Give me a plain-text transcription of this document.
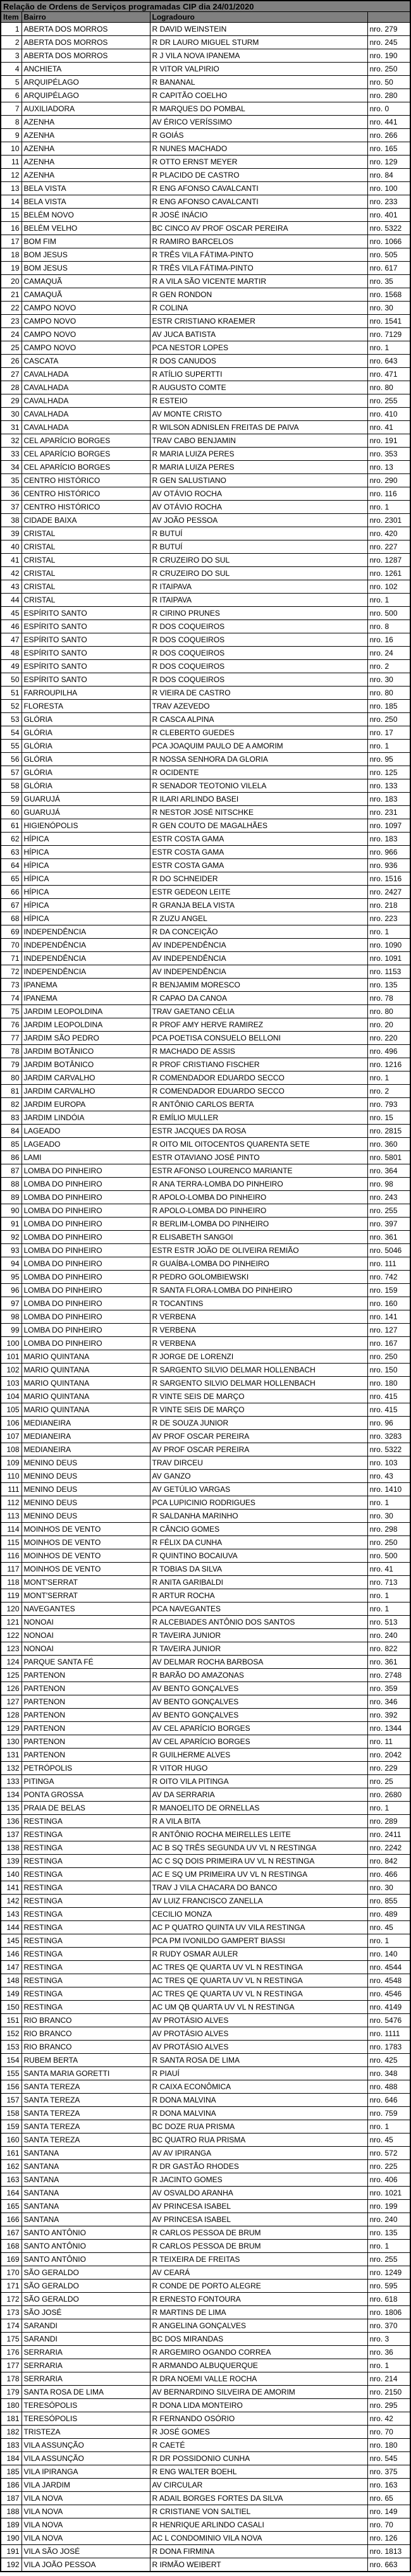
Relação de Ordens de Serviços programadas CIP dia 24/01/2020			
Item	Bairro	Logradouro	
1	ABERTA DOS MORROS	R DAVID WEINSTEIN	nro. 279
2	ABERTA DOS MORROS	R DR LAURO MIGUEL STURM	nro. 245
3	ABERTA DOS MORROS	R J VILA NOVA IPANEMA	nro. 190
4	ANCHIETA	R VITOR VALPIRIO	nro. 250
5	ARQUIPÉLAGO	R BANANAL	nro. 50
6	ARQUIPÉLAGO	R CAPITÃO COELHO	nro. 280
7	AUXILIADORA	R MARQUES DO POMBAL	nro. 0
8	AZENHA	AV ÉRICO VERÍSSIMO	nro. 441
9	AZENHA	R GOIÁS	nro. 266
10	AZENHA	R NUNES MACHADO	nro. 165
11	AZENHA	R OTTO ERNST MEYER	nro. 129
12	AZENHA	R PLACIDO DE CASTRO	nro. 84
13	BELA VISTA	R ENG AFONSO CAVALCANTI	nro. 100
14	BELA VISTA	R ENG AFONSO CAVALCANTI	nro. 233
15	BELÉM NOVO	R JOSÉ INÁCIO	nro. 401
16	BELÉM VELHO	BC CINCO AV PROF OSCAR PEREIRA	nro. 5322
17	BOM FIM	R RAMIRO BARCELOS	nro. 1066
18	BOM JESUS	R TRÊS VILA FÁTIMA-PINTO	nro. 505
19	BOM JESUS	R TRÊS VILA FÁTIMA-PINTO	nro. 617
20	CAMAQUÃ	R A VILA SÃO VICENTE MARTIR	nro. 35
21	CAMAQUÃ	R GEN RONDON	nro. 1568
22	CAMPO NOVO	R COLINA	nro. 30
23	CAMPO NOVO	ESTR CRISTIANO KRAEMER	nro. 1541
24	CAMPO NOVO	AV JUCA BATISTA	nro. 7129
25	CAMPO NOVO	PCA NESTOR LOPES	nro. 1
26	CASCATA	R DOS CANUDOS	nro. 643
27	CAVALHADA	R ATÍLIO SUPERTTI	nro. 471
28	CAVALHADA	R AUGUSTO COMTE	nro. 80
29	CAVALHADA	R ESTEIO	nro. 255
30	CAVALHADA	AV MONTE CRISTO	nro. 410
31	CAVALHADA	R WILSON ADNISLEN FREITAS DE PAIVA	nro. 41
32	CEL APARÍCIO BORGES	TRAV CABO BENJAMIN	nro. 191
33	CEL APARÍCIO BORGES	R MARIA LUIZA PERES	nro. 353
34	CEL APARÍCIO BORGES	R MARIA LUIZA PERES	nro. 13
35	CENTRO HISTÓRICO	R GEN SALUSTIANO	nro. 290
36	CENTRO HISTÓRICO	AV OTÁVIO ROCHA	nro. 116
37	CENTRO HISTÓRICO	AV OTÁVIO ROCHA	nro. 1
38	CIDADE BAIXA	AV JOÃO PESSOA	nro. 2301
39	CRISTAL	R BUTUÍ	nro. 420
40	CRISTAL	R BUTUÍ	nro. 227
41	CRISTAL	R CRUZEIRO DO SUL	nro. 1287
42	CRISTAL	R CRUZEIRO DO SUL	nro. 1261
43	CRISTAL	R ITAIPAVA	nro. 102
44	CRISTAL	R ITAIPAVA	nro. 1
45	ESPÍRITO SANTO	R CIRINO PRUNES	nro. 500
46	ESPÍRITO SANTO	R DOS COQUEIROS	nro. 8
47	ESPÍRITO SANTO	R DOS COQUEIROS	nro. 16
48	ESPÍRITO SANTO	R DOS COQUEIROS	nro. 24
49	ESPÍRITO SANTO	R DOS COQUEIROS	nro. 2
50	ESPÍRITO SANTO	R DOS COQUEIROS	nro. 30
51	FARROUPILHA	R VIEIRA DE CASTRO	nro. 80
52	FLORESTA	TRAV AZEVEDO	nro. 185
53	GLÓRIA	R CASCA ALPINA	nro. 250
54	GLÓRIA	R CLEBERTO GUEDES	nro. 17
55	GLÓRIA	PCA JOAQUIM PAULO DE A AMORIM	nro. 1
56	GLÓRIA	R NOSSA SENHORA DA GLORIA	nro. 95
57	GLÓRIA	R OCIDENTE	nro. 125
58	GLÓRIA	R SENADOR TEOTONIO VILELA	nro. 133
59	GUARUJÁ	R ILARI ARLINDO BASEI	nro. 183
60	GUARUJÁ	R NESTOR JOSÉ NITSCHKE	nro. 231
61	HIGIENÓPOLIS	R GEN COUTO DE MAGALHÃES	nro. 1097
62	HÍPICA	ESTR COSTA GAMA	nro. 183
63	HÍPICA	ESTR COSTA GAMA	nro. 966
64	HÍPICA	ESTR COSTA GAMA	nro. 936
65	HÍPICA	R DO SCHNEIDER	nro. 1516
66	HÍPICA	ESTR GEDEON LEITE	nro. 2427
67	HÍPICA	R GRANJA BELA VISTA	nro. 218
68	HÍPICA	R ZUZU ANGEL	nro. 223
69	INDEPENDÊNCIA	R DA CONCEIÇÃO	nro. 1
70	INDEPENDÊNCIA	AV INDEPENDÊNCIA	nro. 1090
71	INDEPENDÊNCIA	AV INDEPENDÊNCIA	nro. 1091
72	INDEPENDÊNCIA	AV INDEPENDÊNCIA	nro. 1153
73	IPANEMA	R BENJAMIM MORESCO	nro. 135
74	IPANEMA	R CAPAO DA CANOA	nro. 78
75	JARDIM LEOPOLDINA	TRAV GAETANO CÉLIA	nro. 80
76	JARDIM LEOPOLDINA	R PROF AMY HERVE RAMIREZ	nro. 20
77	JARDIM SÃO PEDRO	PCA POETISA CONSUELO BELLONI	nro. 220
78	JARDIM BOTÂNICO	R MACHADO DE ASSIS	nro. 496
79	JARDIM BOTÂNICO	R PROF CRISTIANO FISCHER	nro. 1216
80	JARDIM CARVALHO	R COMENDADOR EDUARDO SECCO	nro. 1
81	JARDIM CARVALHO	R COMENDADOR EDUARDO SECCO	nro. 2
82	JARDIM EUROPA	R ANTÔNIO CARLOS BERTA	nro. 793
83	JARDIM LINDÓIA	R EMÍLIO MULLER	nro. 15
84	LAGEADO	ESTR JACQUES DA ROSA	nro. 2815
85	LAGEADO	R OITO MIL OITOCENTOS QUARENTA SETE	nro. 360
86	LAMI	ESTR OTAVIANO JOSÉ PINTO	nro. 5801
87	LOMBA DO PINHEIRO	ESTR AFONSO LOURENCO MARIANTE	nro. 364
88	LOMBA DO PINHEIRO	R ANA TERRA-LOMBA DO PINHEIRO	nro. 98
89	LOMBA DO PINHEIRO	R APOLO-LOMBA DO PINHEIRO	nro. 243
90	LOMBA DO PINHEIRO	R APOLO-LOMBA DO PINHEIRO	nro. 255
91	LOMBA DO PINHEIRO	R BERLIM-LOMBA DO PINHEIRO	nro. 397
92	LOMBA DO PINHEIRO	R ELISABETH SANGOI	nro. 361
93	LOMBA DO PINHEIRO	ESTR ESTR JOÃO DE OLIVEIRA REMIÃO	nro. 5046
94	LOMBA DO PINHEIRO	R GUAÍBA-LOMBA DO PINHEIRO	nro. 111
95	LOMBA DO PINHEIRO	R PEDRO GOLOMBIEWSKI	nro. 742
96	LOMBA DO PINHEIRO	R SANTA FLORA-LOMBA DO PINHEIRO	nro. 159
97	LOMBA DO PINHEIRO	R TOCANTINS	nro. 160
98	LOMBA DO PINHEIRO	R VERBENA	nro. 141
99	LOMBA DO PINHEIRO	R VERBENA	nro. 127
100	LOMBA DO PINHEIRO	R VERBENA	nro. 167
101	MARIO QUINTANA	R JORGE DE LORENZI	nro. 250
102	MARIO QUINTANA	R SARGENTO SILVIO DELMAR HOLLENBACH	nro. 150
103	MARIO QUINTANA	R SARGENTO SILVIO DELMAR HOLLENBACH	nro. 180
104	MARIO QUINTANA	R VINTE SEIS DE MARÇO	nro. 415
105	MARIO QUINTANA	R VINTE SEIS DE MARÇO	nro. 415
106	MEDIANEIRA	R DE SOUZA JUNIOR	nro. 96
107	MEDIANEIRA	AV PROF OSCAR PEREIRA	nro. 3283
108	MEDIANEIRA	AV PROF OSCAR PEREIRA	nro. 5322
109	MENINO DEUS	TRAV DIRCEU	nro. 103
110	MENINO DEUS	AV GANZO	nro. 43
111	MENINO DEUS	AV GETÚLIO VARGAS	nro. 1410
112	MENINO DEUS	PCA LUPICINIO RODRIGUES	nro. 1
113	MENINO DEUS	R SALDANHA MARINHO	nro. 30
114	MOINHOS DE VENTO	R CÂNCIO GOMES	nro. 298
115	MOINHOS DE VENTO	R FÉLIX DA CUNHA	nro. 250
116	MOINHOS DE VENTO	R QUINTINO BOCAIUVA	nro. 500
117	MOINHOS DE VENTO	R TOBIAS DA SILVA	nro. 41
118	MONT'SERRAT	R ANITA GARIBALDI	nro. 713
119	MONT'SERRAT	R ARTUR ROCHA	nro. 1
120	NAVEGANTES	PCA NAVEGANTES	nro. 1
121	NONOAI	R ALCEBIADES ANTÔNIO DOS SANTOS	nro. 513
122	NONOAI	R TAVEIRA JUNIOR	nro. 240
123	NONOAI	R TAVEIRA JUNIOR	nro. 822
124	PARQUE SANTA FÉ	AV DELMAR ROCHA BARBOSA	nro. 361
125	PARTENON	R BARÃO DO AMAZONAS	nro. 2748
126	PARTENON	AV BENTO GONÇALVES	nro. 359
127	PARTENON	AV BENTO GONÇALVES	nro. 346
128	PARTENON	AV BENTO GONÇALVES	nro. 392
129	PARTENON	AV CEL APARÍCIO BORGES	nro. 1344
130	PARTENON	AV CEL APARÍCIO BORGES	nro. 11
131	PARTENON	R GUILHERME ALVES	nro. 2042
132	PETRÓPOLIS	R VITOR HUGO	nro. 229
133	PITINGA	R OITO VILA PITINGA	nro. 25
134	PONTA GROSSA	AV DA SERRARIA	nro. 2680
135	PRAIA DE BELAS	R MANOELITO DE ORNELLAS	nro. 1
136	RESTINGA	R A VILA BITA	nro. 289
137	RESTINGA	R ANTÔNIO ROCHA MEIRELLES LEITE	nro. 2411
138	RESTINGA	AC B SQ TRÊS SEGUNDA UV VL N RESTINGA	nro. 2242
139	RESTINGA	AC C SQ DOIS PRIMEIRA UV VL N RESTINGA	nro. 842
140	RESTINGA	AC E SQ UM PRIMEIRA UV VL N RESTINGA	nro. 466
141	RESTINGA	TRAV J VILA CHACARA DO BANCO	nro. 30
142	RESTINGA	AV LUIZ FRANCISCO ZANELLA	nro. 855
143	RESTINGA	CECILIO MONZA	nro. 489
144	RESTINGA	AC P QUATRO QUINTA UV VILA RESTINGA	nro. 45
145	RESTINGA	PCA PM IVONILDO GAMPERT BIASSI	nro. 1
146	RESTINGA	R RUDY OSMAR AULER	nro. 140
147	RESTINGA	AC TRES QE QUARTA UV VL N RESTINGA	nro. 4544
148	RESTINGA	AC TRES QE QUARTA UV VL N RESTINGA	nro. 4548
149	RESTINGA	AC TRES QE QUARTA UV VL N RESTINGA	nro. 4546
150	RESTINGA	AC UM QB QUARTA UV VL N RESTINGA	nro. 4149
151	RIO BRANCO	AV PROTÁSIO ALVES	nro. 5476
152	RIO BRANCO	AV PROTÁSIO ALVES	nro. 1111
153	RIO BRANCO	AV PROTÁSIO ALVES	nro. 1783
154	RUBEM BERTA	R SANTA ROSA DE LIMA	nro. 425
155	SANTA MARIA GORETTI	R PIAUÍ	nro. 348
156	SANTA TEREZA	R CAIXA ECONÔMICA	nro. 488
157	SANTA TEREZA	R DONA MALVINA	nro. 646
158	SANTA TEREZA	R DONA MALVINA	nro. 759
159	SANTA TEREZA	BC DOZE RUA PRISMA	nro. 1
160	SANTA TEREZA	BC QUATRO RUA PRISMA	nro. 45
161	SANTANA	AV AV IPIRANGA	nro. 572
162	SANTANA	R DR GASTÃO RHODES	nro. 225
163	SANTANA	R JACINTO GOMES	nro. 406
164	SANTANA	AV OSVALDO ARANHA	nro. 1021
165	SANTANA	AV PRINCESA ISABEL	nro. 199
166	SANTANA	AV PRINCESA ISABEL	nro. 240
167	SANTO ANTÔNIO	R CARLOS PESSOA DE BRUM	nro. 135
168	SANTO ANTÔNIO	R CARLOS PESSOA DE BRUM	nro. 1
169	SANTO ANTÔNIO	R TEIXEIRA DE FREITAS	nro. 255
170	SÃO GERALDO	AV CEARÁ	nro. 1249
171	SÃO GERALDO	R CONDE DE PORTO ALEGRE	nro. 595
172	SÃO GERALDO	R ERNESTO FONTOURA	nro. 618
173	SÃO JOSÉ	R MARTINS DE LIMA	nro. 1806
174	SARANDI	R ANGELINA GONÇALVES	nro. 370
175	SARANDI	BC DOS MIRANDAS	nro. 3
176	SERRARIA	R ARGEMIRO OGANDO CORREA	nro. 36
177	SERRARIA	R ARMANDO ALBUQUERQUE	nro. 1
178	SERRARIA	R DRA NOEMI VALLE ROCHA	nro. 214
179	SANTA ROSA DE LIMA	AV BERNARDINO SILVEIRA DE AMORIM	nro. 2150
180	TERESÓPOLIS	R DONA LIDA MONTEIRO	nro. 295
181	TERESÓPOLIS	R FERNANDO OSÓRIO	nro. 42
182	TRISTEZA	R JOSÉ GOMES	nro. 70
183	VILA ASSUNÇÃO	R CAETÉ	nro. 180
184	VILA ASSUNÇÃO	R DR POSSIDONIO CUNHA	nro. 545
185	VILA IPIRANGA	R ENG WALTER BOEHL	nro. 375
186	VILA JARDIM	AV CIRCULAR	nro. 163
187	VILA NOVA	R ADAIL BORGES FORTES DA SILVA	nro. 65
188	VILA NOVA	R CRISTIANE VON SALTIEL	nro. 149
189	VILA NOVA	R HENRIQUE ARLINDO CASALI	nro. 70
190	VILA NOVA	AC L CONDOMINIO VILA NOVA	nro. 126
191	VILA SÃO JOSÉ	R DONA FIRMINA	nro. 1813
192	VILA JOÃO PESSOA	R IRMÃO WEIBERT	nro. 663
